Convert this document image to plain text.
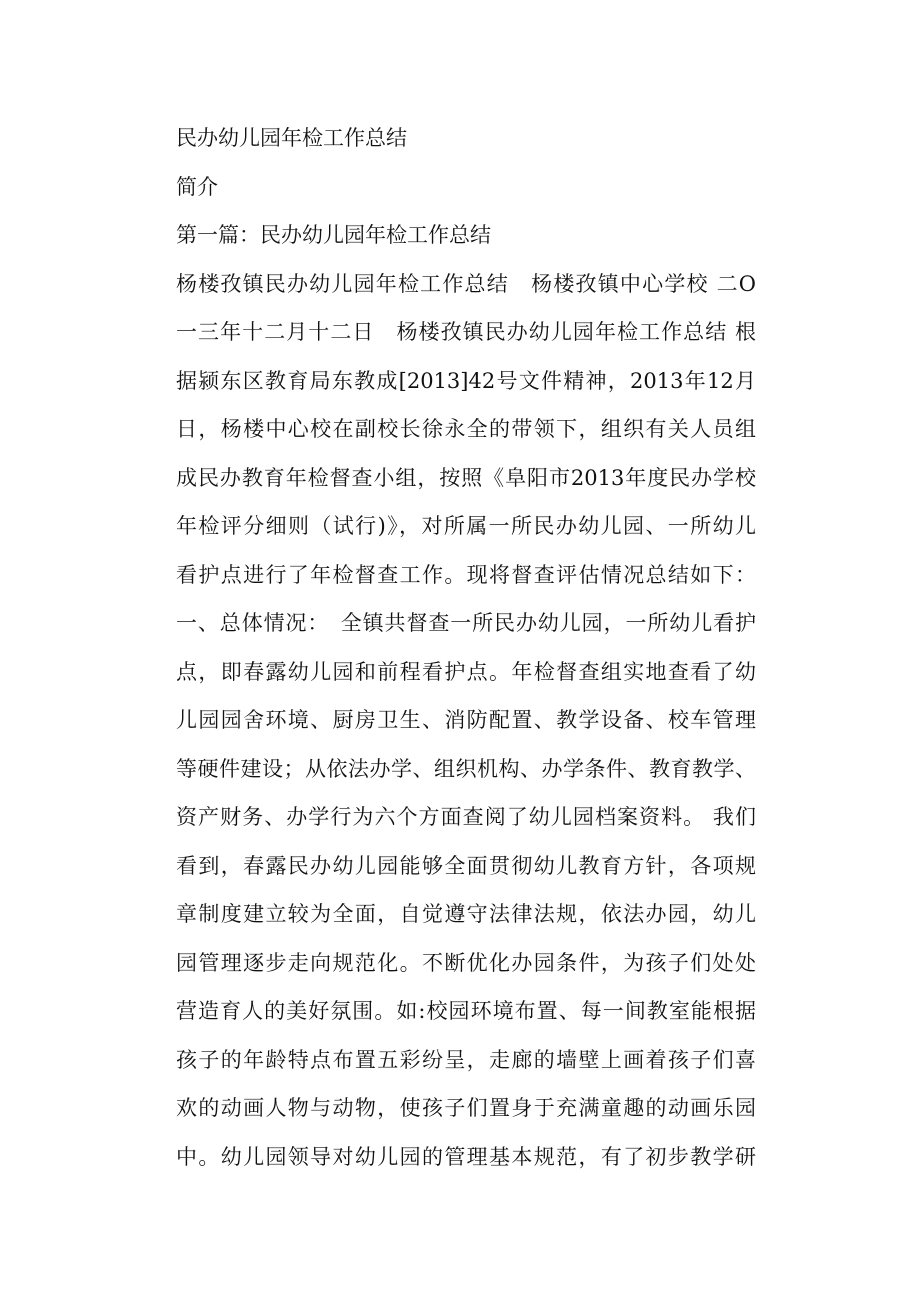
民办幼儿园年检工作总结
简介
第一篇：民办幼儿园年检工作总结
杨楼孜镇民办幼儿园年检工作总结　杨楼孜镇中心学校 二O
一三年十二月十二日　杨楼孜镇民办幼儿园年检工作总结 根
据颍东区教育局东教成[2013]42号文件精神，2013年12月
日，杨楼中心校在副校长徐永全的带领下，组织有关人员组
成民办教育年检督查小组，按照《阜阳市2013年度民办学校
年检评分细则（试行)》，对所属一所民办幼儿园、一所幼儿
看护点进行了年检督查工作。现将督查评估情况总结如下：
一、总体情况：　全镇共督查一所民办幼儿园，一所幼儿看护
点，即春露幼儿园和前程看护点。年检督查组实地查看了幼
儿园园舍环境、厨房卫生、消防配置、教学设备、校车管理
等硬件建设；从依法办学、组织机构、办学条件、教育教学、
资产财务、办学行为六个方面查阅了幼儿园档案资料。 我们
看到，春露民办幼儿园能够全面贯彻幼儿教育方针，各项规
章制度建立较为全面，自觉遵守法律法规，依法办园，幼儿
园管理逐步走向规范化。不断优化办园条件，为孩子们处处
营造育人的美好氛围。如:校园环境布置、每一间教室能根据
孩子的年龄特点布置五彩纷呈，走廊的墙壁上画着孩子们喜
欢的动画人物与动物，使孩子们置身于充满童趣的动画乐园
中。幼儿园领导对幼儿园的管理基本规范，有了初步教学研
